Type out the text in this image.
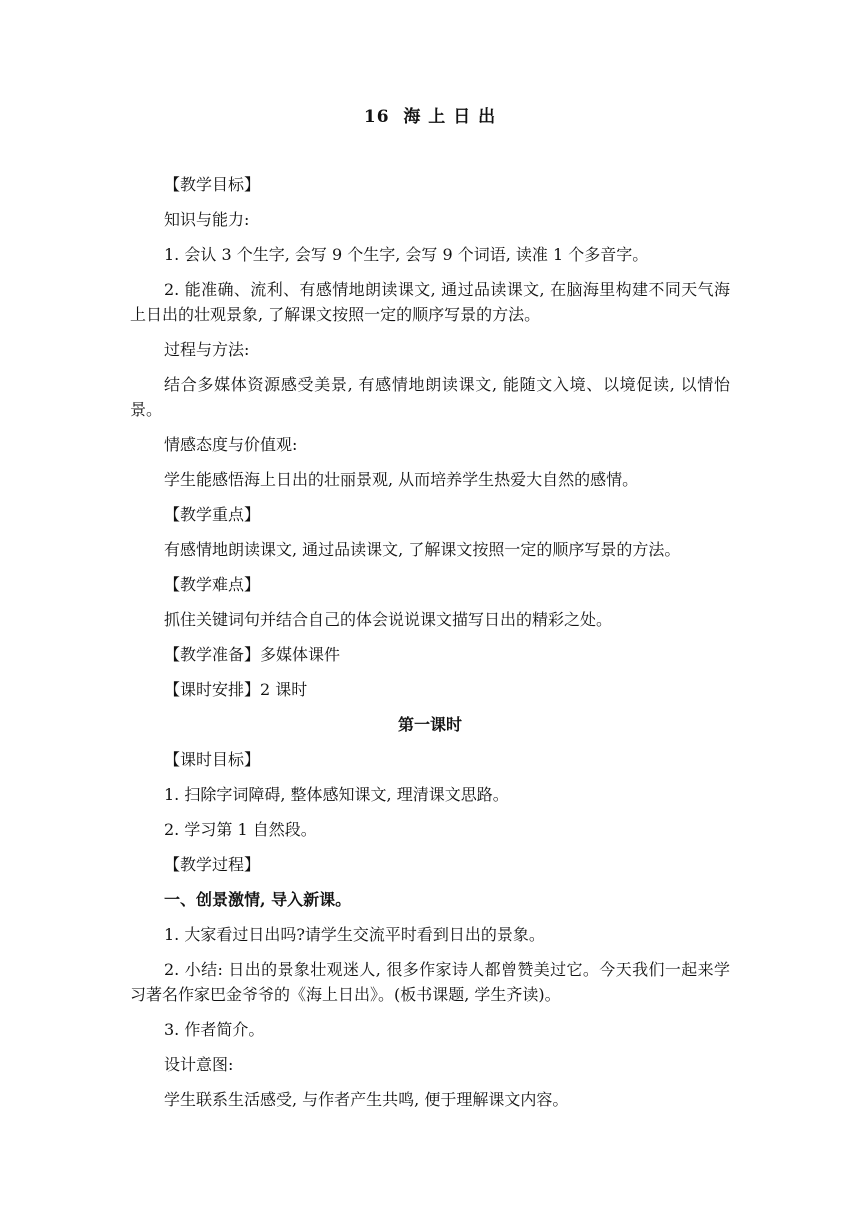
16  海 上 日 出

【教学目标】

知识与能力:

1. 会认 3 个生字, 会写 9 个生字, 会写 9 个词语, 读准 1 个多音字。

2. 能准确、流利、有感情地朗读课文, 通过品读课文, 在脑海里构建不同天气海上日出的壮观景象, 了解课文按照一定的顺序写景的方法。

过程与方法:

结合多媒体资源感受美景, 有感情地朗读课文, 能随文入境、以境促读, 以情怡景。

情感态度与价值观:

学生能感悟海上日出的壮丽景观, 从而培养学生热爱大自然的感情。

【教学重点】

有感情地朗读课文, 通过品读课文, 了解课文按照一定的顺序写景的方法。

【教学难点】

抓住关键词句并结合自己的体会说说课文描写日出的精彩之处。

【教学准备】多媒体课件

【课时安排】2 课时

第一课时

【课时目标】

1. 扫除字词障碍, 整体感知课文, 理清课文思路。

2. 学习第 1 自然段。

【教学过程】

一、创景激情, 导入新课。

1. 大家看过日出吗?请学生交流平时看到日出的景象。

2. 小结: 日出的景象壮观迷人, 很多作家诗人都曾赞美过它。今天我们一起来学习著名作家巴金爷爷的《海上日出》。(板书课题, 学生齐读)。

3. 作者简介。

设计意图:

学生联系生活感受, 与作者产生共鸣, 便于理解课文内容。
